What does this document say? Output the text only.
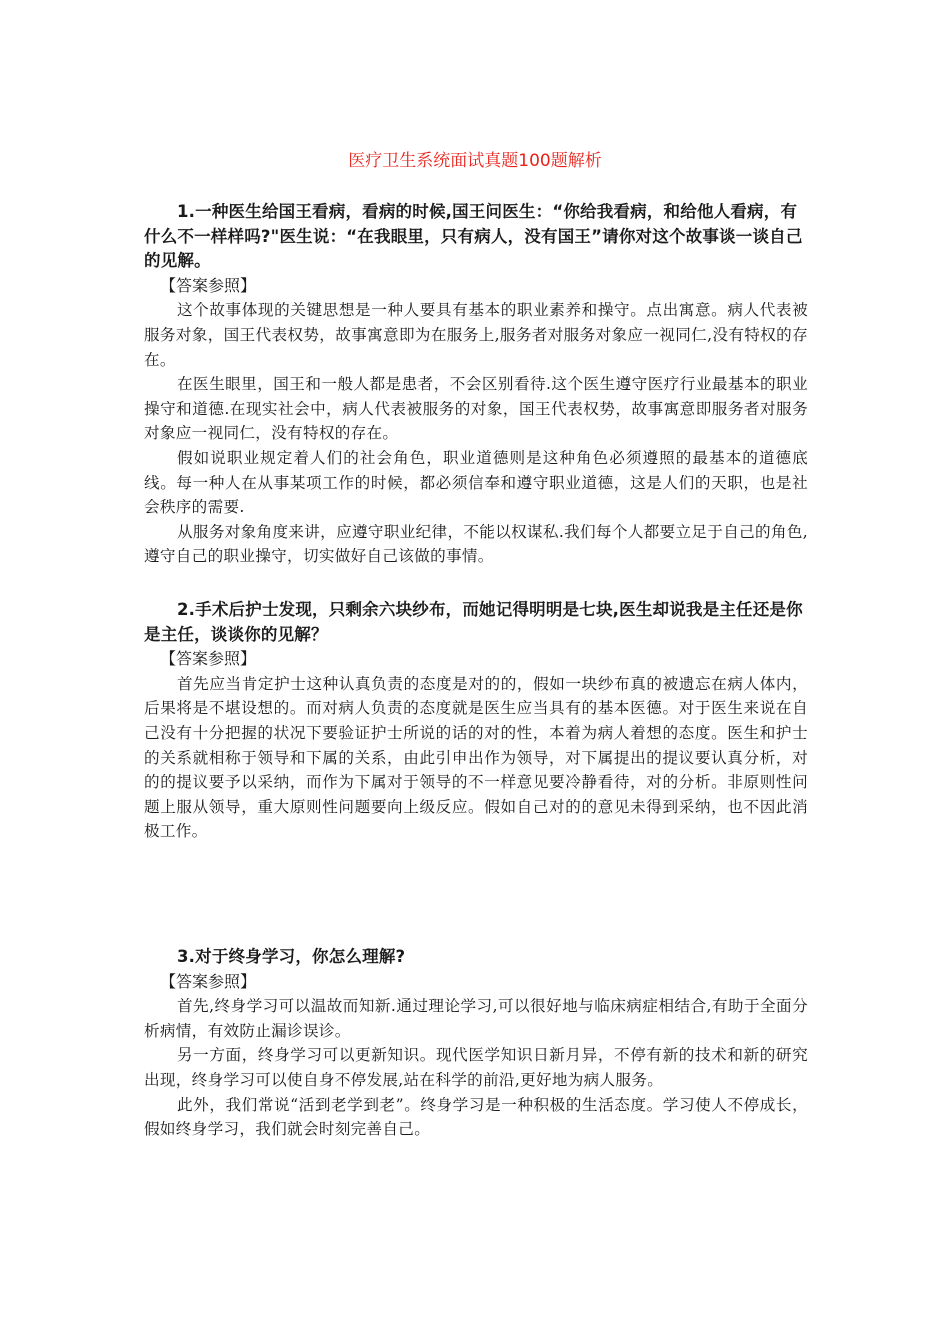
医疗卫生系统面试真题100题解析

1.一种医生给国王看病，看病的时候,国王问医生：“你给我看病，和给他人看病，有什么不一样样吗?"医生说：“在我眼里，只有病人，没有国王”请你对这个故事谈一谈自己的见解。

【答案参照】

这个故事体现的关键思想是一种人要具有基本的职业素养和操守。点出寓意。病人代表被服务对象，国王代表权势，故事寓意即为在服务上,服务者对服务对象应一视同仁,没有特权的存在。

在医生眼里，国王和一般人都是患者，不会区别看待.这个医生遵守医疗行业最基本的职业操守和道德.在现实社会中，病人代表被服务的对象，国王代表权势，故事寓意即服务者对服务对象应一视同仁，没有特权的存在。

假如说职业规定着人们的社会角色，职业道德则是这种角色必须遵照的最基本的道德底线。每一种人在从事某项工作的时候，都必须信奉和遵守职业道德，这是人们的天职，也是社会秩序的需要.

从服务对象角度来讲，应遵守职业纪律，不能以权谋私.我们每个人都要立足于自己的角色,遵守自己的职业操守，切实做好自己该做的事情。

2.手术后护士发现，只剩余六块纱布，而她记得明明是七块,医生却说我是主任还是你是主任，谈谈你的见解？

【答案参照】

首先应当肯定护士这种认真负责的态度是对的的，假如一块纱布真的被遗忘在病人体内，后果将是不堪设想的。而对病人负责的态度就是医生应当具有的基本医德。对于医生来说在自己没有十分把握的状况下要验证护士所说的话的对的性，本着为病人着想的态度。医生和护士的关系就相称于领导和下属的关系，由此引申出作为领导，对下属提出的提议要认真分析，对的的提议要予以采纳，而作为下属对于领导的不一样意见要冷静看待，对的分析。非原则性问题上服从领导，重大原则性问题要向上级反应。假如自己对的的意见未得到采纳，也不因此消极工作。

3.对于终身学习，你怎么理解?

【答案参照】

首先,终身学习可以温故而知新.通过理论学习,可以很好地与临床病症相结合,有助于全面分析病情，有效防止漏诊误诊。

另一方面，终身学习可以更新知识。现代医学知识日新月异，不停有新的技术和新的研究出现，终身学习可以使自身不停发展,站在科学的前沿,更好地为病人服务。

此外，我们常说“活到老学到老”。终身学习是一种积极的生活态度。学习使人不停成长，假如终身学习，我们就会时刻完善自己。
